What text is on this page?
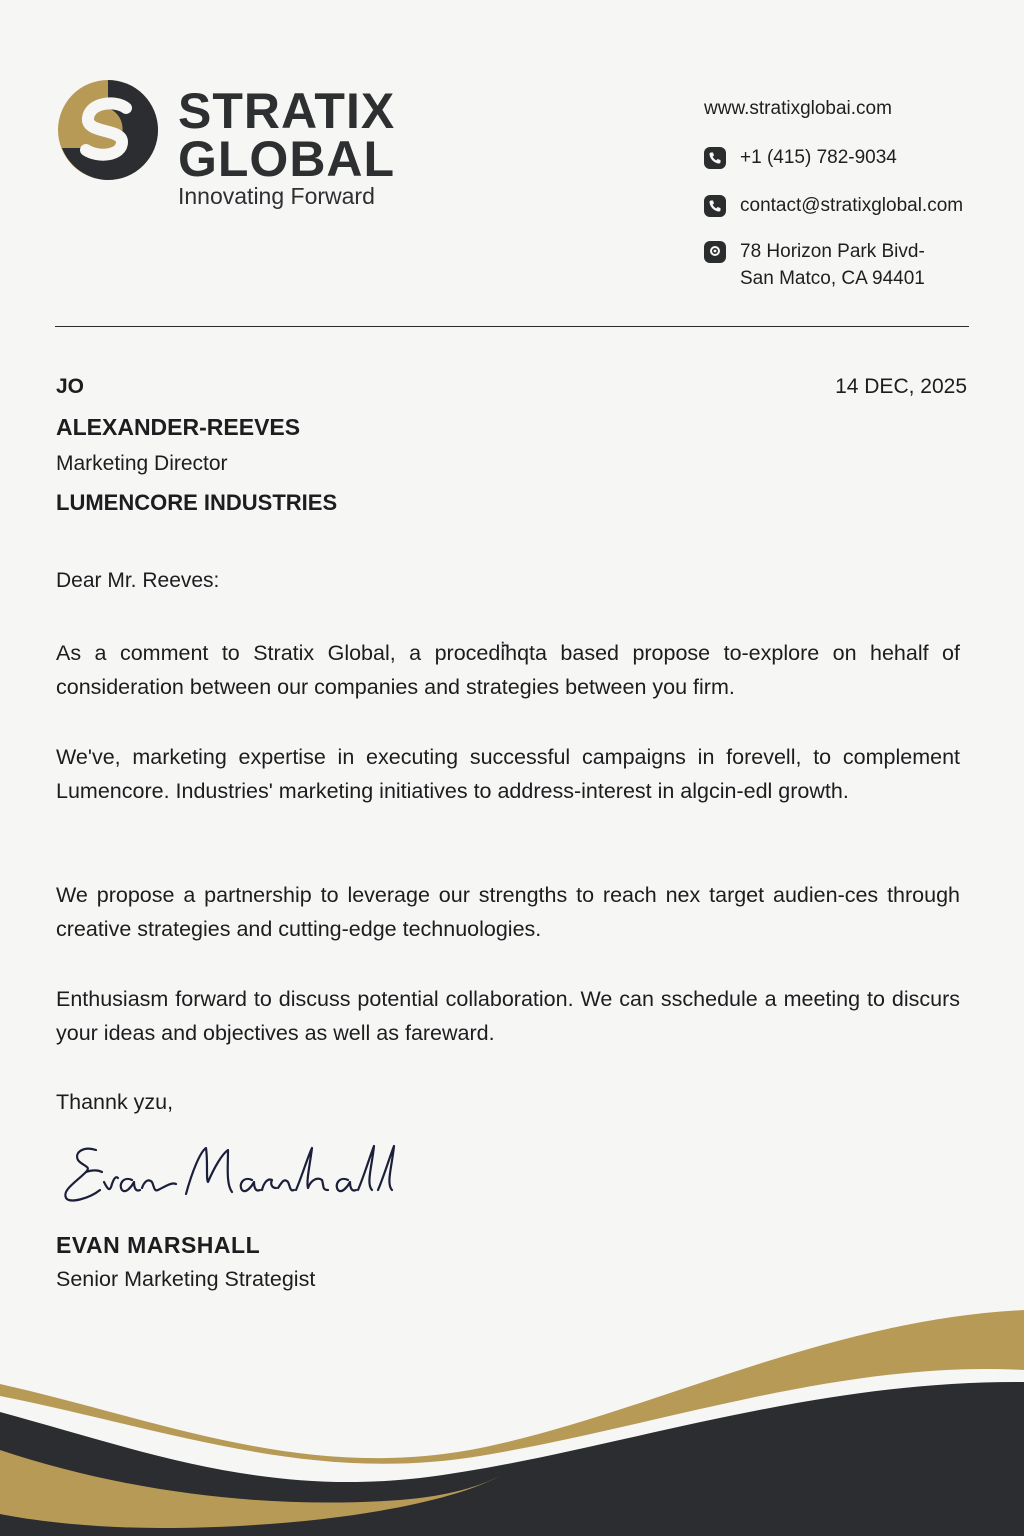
STRATIX
GLOBAL
Innovating Forward
www.stratixglobai.com
+1 (415) 782-9034
contact@stratixglobal.com
78 Horizon Park Bivd-
San Matco, CA 94401
JO	14 DEC, 2025
ALEXANDER-REEVES
Marketing Director
LUMENCORE INDUSTRIES
Dear Mr. Reeves:
As a comment to Stratix Global, a procedi̇̂hqta based propose to-explore on hehalf of consideration between our companies and strategies between you firm.
We've, marketing expertise in executing successful campaigns in forevell, to complement Lumencore. Industries' marketing initiatives to address-interest in algcin-edl growth.
We propose a partnership to leverage our strengths to reach nex target audien-ces through creative strategies and cutting-edge technuologies.
Enthusiasm forward to discuss potential collaboration. We can sschedule a meeting to discurs your ideas and objectives as well as fareward.
Thannk yzu,
EVAN MARSHALL
Senior Marketing Strategist
